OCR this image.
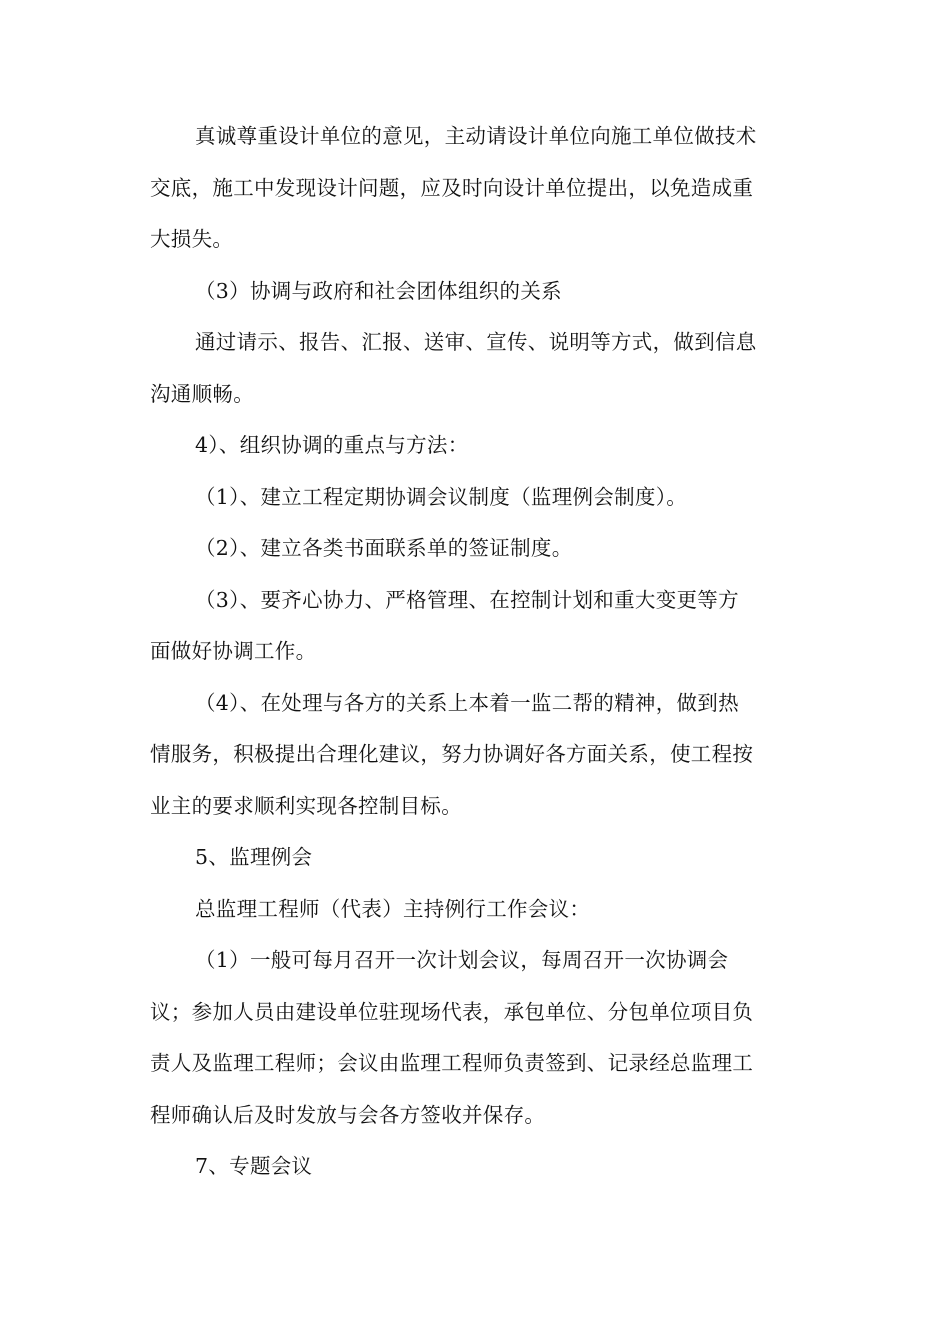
真诚尊重设计单位的意见，主动请设计单位向施工单位做技术
交底，施工中发现设计问题，应及时向设计单位提出，以免造成重
大损失。
（3）协调与政府和社会团体组织的关系
通过请示、报告、汇报、送审、宣传、说明等方式，做到信息
沟通顺畅。
4）、组织协调的重点与方法：
（1）、建立工程定期协调会议制度（监理例会制度）。
（2）、建立各类书面联系单的签证制度。
（3）、要齐心协力、严格管理、在控制计划和重大变更等方
面做好协调工作。
（4）、在处理与各方的关系上本着一监二帮的精神，做到热
情服务，积极提出合理化建议，努力协调好各方面关系，使工程按
业主的要求顺利实现各控制目标。
5、监理例会
总监理工程师（代表）主持例行工作会议：
（1）一般可每月召开一次计划会议，每周召开一次协调会
议；参加人员由建设单位驻现场代表，承包单位、分包单位项目负
责人及监理工程师；会议由监理工程师负责签到、记录经总监理工
程师确认后及时发放与会各方签收并保存。
7、专题会议
